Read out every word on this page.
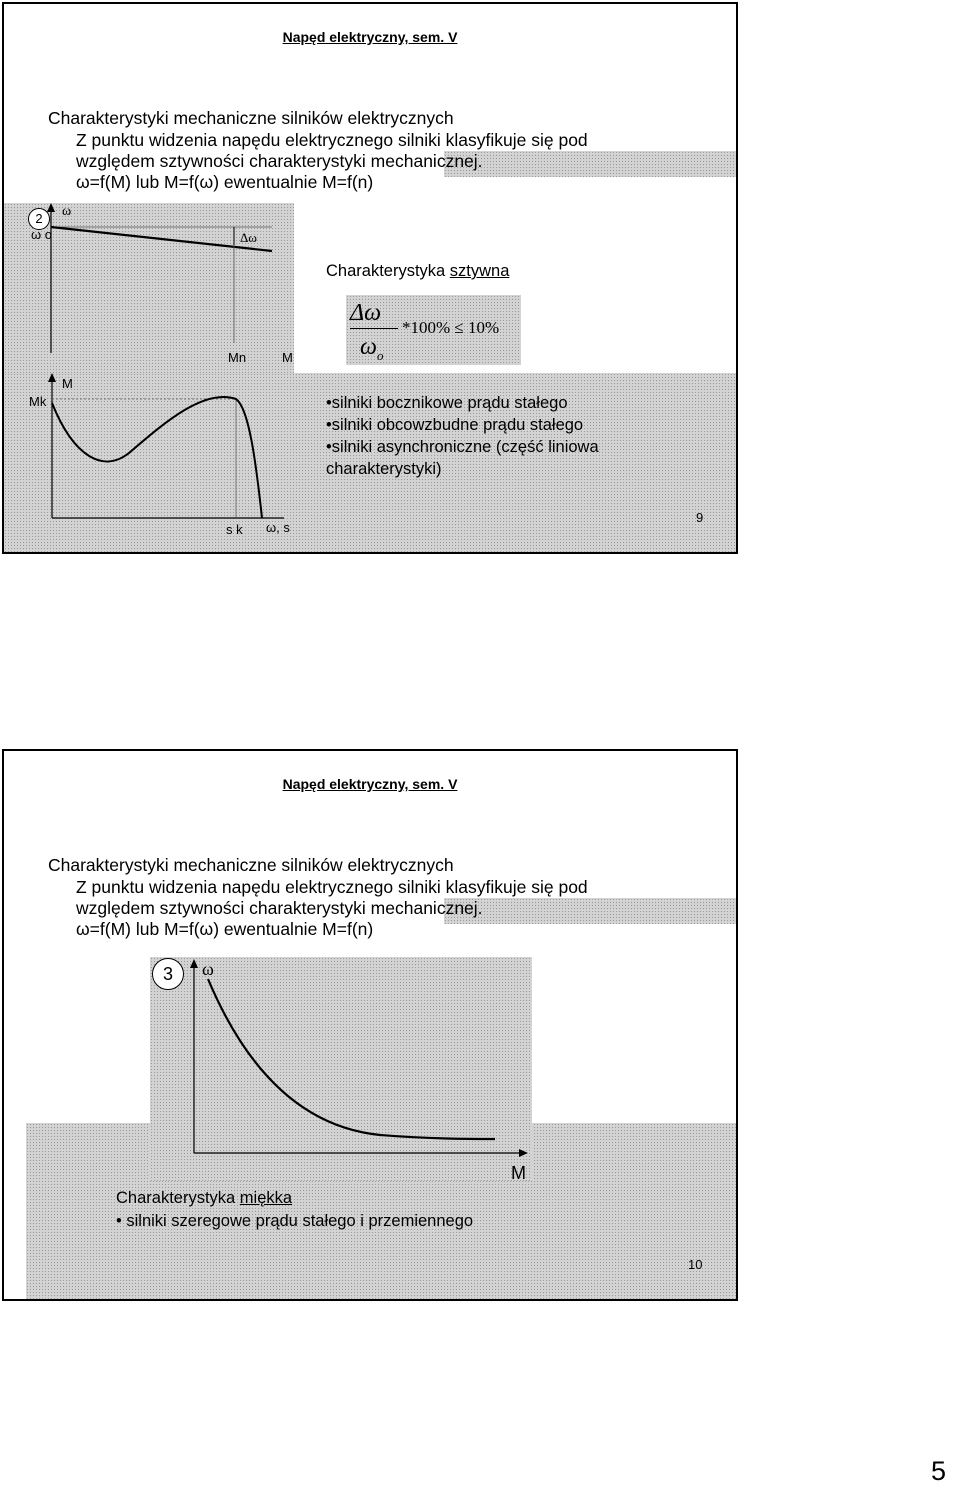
Napęd elektryczny, sem. V
Charakterystyki mechaniczne silników elektrycznych
Z punktu widzenia napędu elektrycznego silniki klasyfikuje się pod
względem sztywności charakterystyki mechanicznej.
ω=f(M) lub M=f(ω) ewentualnie M=f(n)
2	ω
ω o	Δω
Mn	M
M
Mk
s k ω, s
Charakterystyka sztywna
Δω
$\omega_o$
*100% ≤ 10%
•silniki bocznikowe prądu stałego
•silniki obcowzbudne prądu stałego
•silniki asynchroniczne (część liniowa
charakterystyki)
9
Napęd elektryczny, sem. V
Charakterystyki mechaniczne silników elektrycznych
Z punktu widzenia napędu elektrycznego silniki klasyfikuje się pod
względem sztywności charakterystyki mechanicznej.
ω=f(M) lub M=f(ω) ewentualnie M=f(n)
3	ω
M
Charakterystyka miękka
• silniki szeregowe prądu stałego i przemiennego
10
5
